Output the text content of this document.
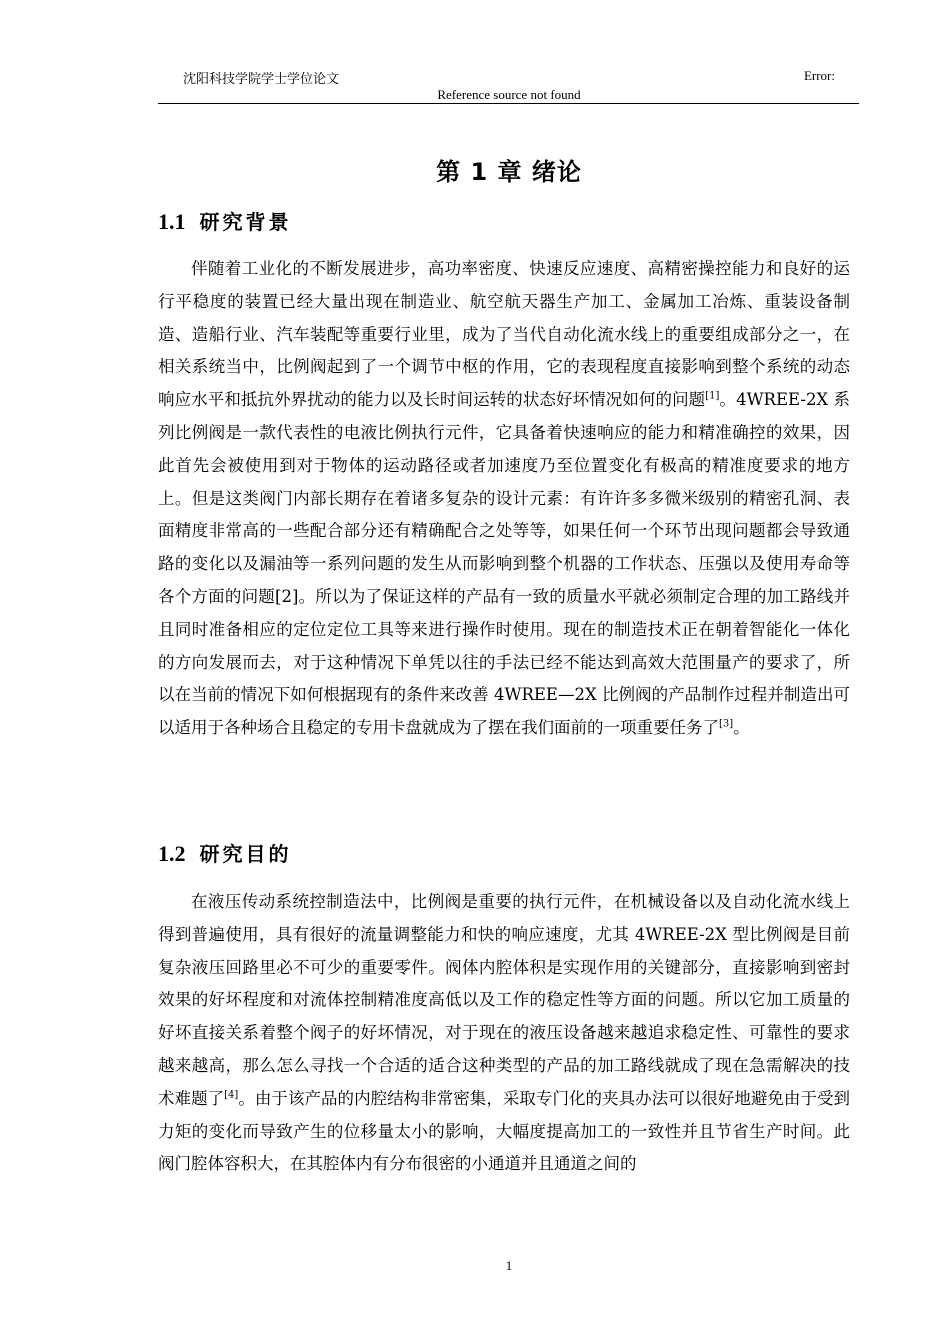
沈阳科技学院学士学位论文	Error:
Reference source not found
第 1 章 绪论
1.1 研究背景

伴随着工业化的不断发展进步，高功率密度、快速反应速度、高精密操控能力和良好的运行平稳度的装置已经大量出现在制造业、航空航天器生产加工、金属加工冶炼、重装设备制造、造船行业、汽车装配等重要行业里，成为了当代自动化流水线上的重要组成部分之一，在相关系统当中，比例阀起到了一个调节中枢的作用，它的表现程度直接影响到整个系统的动态响应水平和抵抗外界扰动的能力以及长时间运转的状态好坏情况如何的问题[1]。4WREE-2X 系列比例阀是一款代表性的电液比例执行元件，它具备着快速响应的能力和精准确控的效果，因此首先会被使用到对于物体的运动路径或者加速度乃至位置变化有极高的精准度要求的地方上。但是这类阀门内部长期存在着诸多复杂的设计元素：有许许多多微米级别的精密孔洞、表面精度非常高的一些配合部分还有精确配合之处等等，如果任何一个环节出现问题都会导致通路的变化以及漏油等一系列问题的发生从而影响到整个机器的工作状态、压强以及使用寿命等各个方面的问题[2]。所以为了保证这样的产品有一致的质量水平就必须制定合理的加工路线并且同时准备相应的定位定位工具等来进行操作时使用。现在的制造技术正在朝着智能化一体化的方向发展而去，对于这种情况下单凭以往的手法已经不能达到高效大范围量产的要求了，所以在当前的情况下如何根据现有的条件来改善 4WREE—2X 比例阀的产品制作过程并制造出可以适用于各种场合且稳定的专用卡盘就成为了摆在我们面前的一项重要任务了[3]。

1.2 研究目的

在液压传动系统控制造法中，比例阀是重要的执行元件，在机械设备以及自动化流水线上得到普遍使用，具有很好的流量调整能力和快的响应速度，尤其 4WREE-2X 型比例阀是目前复杂液压回路里必不可少的重要零件。阀体内腔体积是实现作用的关键部分，直接影响到密封效果的好坏程度和对流体控制精准度高低以及工作的稳定性等方面的问题。所以它加工质量的好坏直接关系着整个阀子的好坏情况，对于现在的液压设备越来越追求稳定性、可靠性的要求越来越高，那么怎么寻找一个合适的适合这种类型的产品的加工路线就成了现在急需解决的技术难题了[4]。由于该产品的内腔结构非常密集，采取专门化的夹具办法可以很好地避免由于受到力矩的变化而导致产生的位移量太小的影响，大幅度提高加工的一致性并且节省生产时间。此阀门腔体容积大，在其腔体内有分布很密的小通道并且通道之间的

1
